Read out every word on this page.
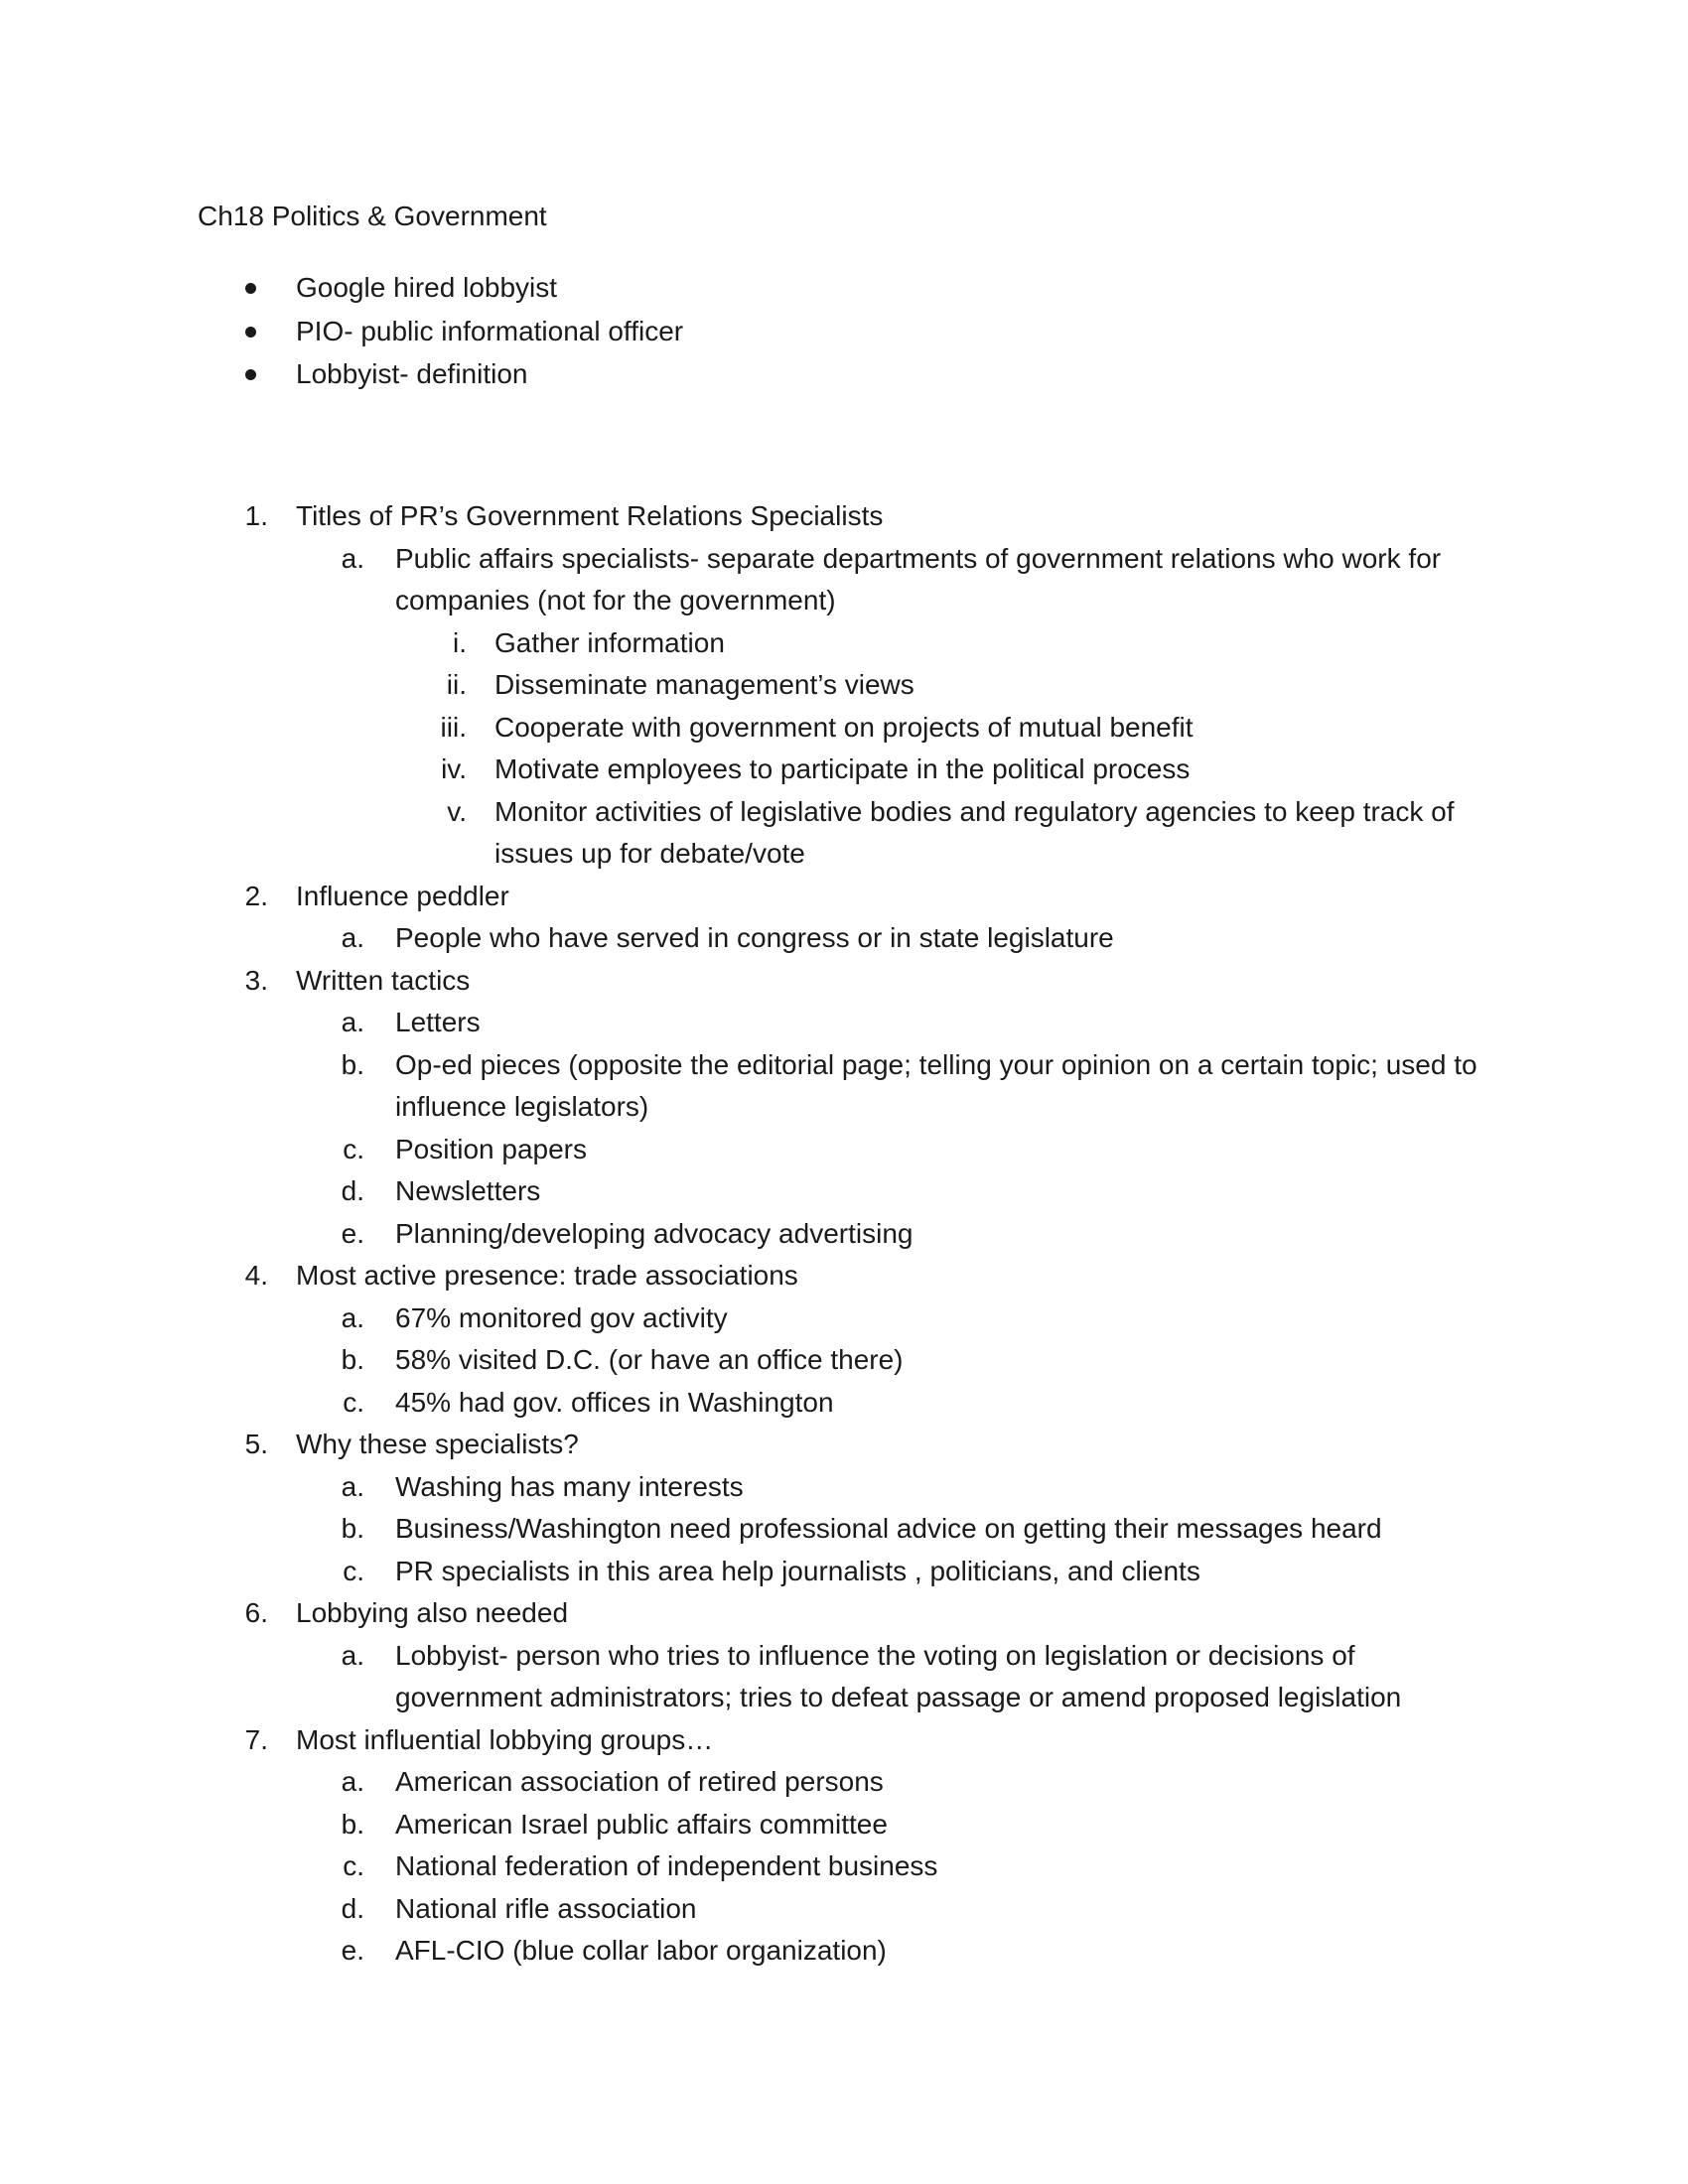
Ch18 Politics & Government
Google hired lobbyist
PIO- public informational officer
Lobbyist- definition
1. Titles of PR’s Government Relations Specialists
a. Public affairs specialists- separate departments of government relations who work for companies (not for the government)
i. Gather information
ii. Disseminate management’s views
iii. Cooperate with government on projects of mutual benefit
iv. Motivate employees to participate in the political process
v. Monitor activities of legislative bodies and regulatory agencies to keep track of issues up for debate/vote
2. Influence peddler
a. People who have served in congress or in state legislature
3. Written tactics
a. Letters
b. Op-ed pieces (opposite the editorial page; telling your opinion on a certain topic; used to influence legislators)
c. Position papers
d. Newsletters
e. Planning/developing advocacy advertising
4. Most active presence: trade associations
a. 67% monitored gov activity
b. 58% visited D.C. (or have an office there)
c. 45% had gov. offices in Washington
5. Why these specialists?
a. Washing has many interests
b. Business/Washington need professional advice on getting their messages heard
c. PR specialists in this area help journalists , politicians, and clients
6. Lobbying also needed
a. Lobbyist- person who tries to influence the voting on legislation or decisions of government administrators; tries to defeat passage or amend proposed legislation
7. Most influential lobbying groups…
a. American association of retired persons
b. American Israel public affairs committee
c. National federation of independent business
d. National rifle association
e. AFL-CIO (blue collar labor organization)
